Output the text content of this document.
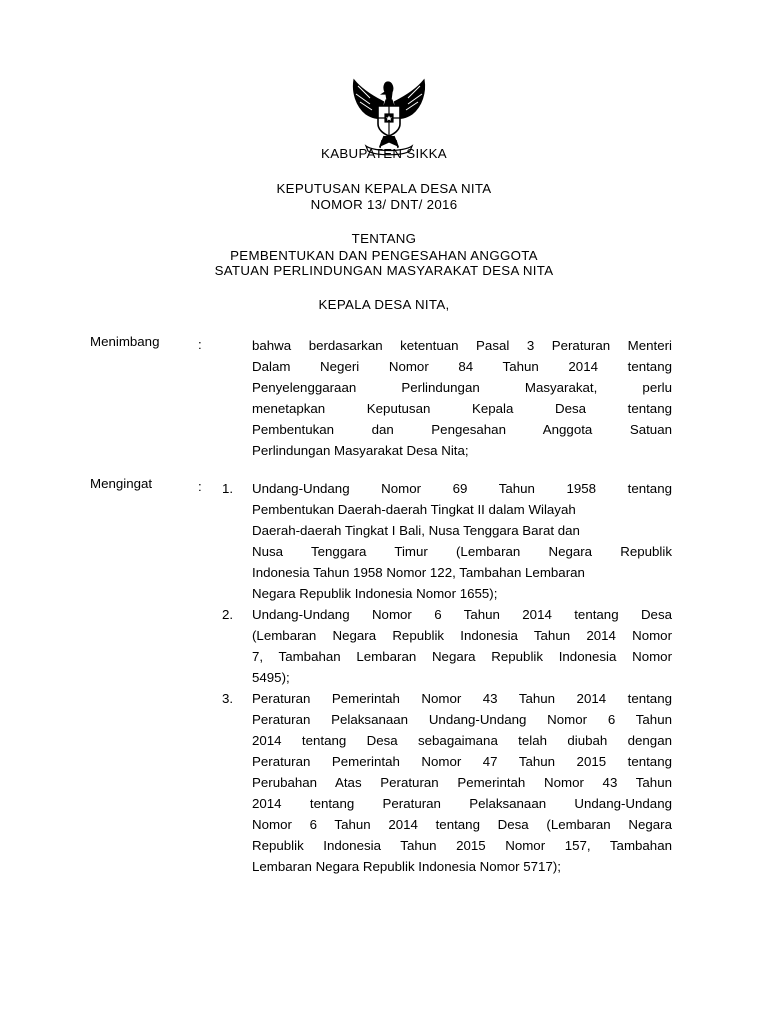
KABUPATEN SIKKA
KEPUTUSAN KEPALA DESA NITA
NOMOR 13/ DNT/ 2016
TENTANG
PEMBENTUKAN DAN PENGESAHAN ANGGOTA
SATUAN PERLINDUNGAN MASYARAKAT DESA NITA
KEPALA DESA NITA,
Menimbang	:	bahwa berdasarkan ketentuan Pasal 3 Peraturan Menteri
Dalam Negeri Nomor 84 Tahun 2014 tentang
Penyelenggaraan Perlindungan Masyarakat, perlu
menetapkan Keputusan Kepala Desa tentang
Pembentukan dan Pengesahan Anggota Satuan
Perlindungan Masyarakat Desa Nita;
Mengingat	: 1. Undang-Undang Nomor 69 Tahun 1958 tentang
Pembentukan Daerah-daerah Tingkat II dalam Wilayah
Daerah-daerah Tingkat I Bali, Nusa Tenggara Barat dan
Nusa Tenggara Timur (Lembaran Negara Republik
Indonesia Tahun 1958 Nomor 122, Tambahan Lembaran
Negara Republik Indonesia Nomor 1655);
2. Undang-Undang Nomor 6 Tahun 2014 tentang Desa
(Lembaran Negara Republik Indonesia Tahun 2014 Nomor
7, Tambahan Lembaran Negara Republik Indonesia Nomor
5495);
3. Peraturan Pemerintah Nomor 43 Tahun 2014 tentang
Peraturan Pelaksanaan Undang-Undang Nomor 6 Tahun
2014 tentang Desa sebagaimana telah diubah dengan
Peraturan Pemerintah Nomor 47 Tahun 2015 tentang
Perubahan Atas Peraturan Pemerintah Nomor 43 Tahun
2014 tentang Peraturan Pelaksanaan Undang-Undang
Nomor 6 Tahun 2014 tentang Desa (Lembaran Negara
Republik Indonesia Tahun 2015 Nomor 157, Tambahan
Lembaran Negara Republik Indonesia Nomor 5717);
